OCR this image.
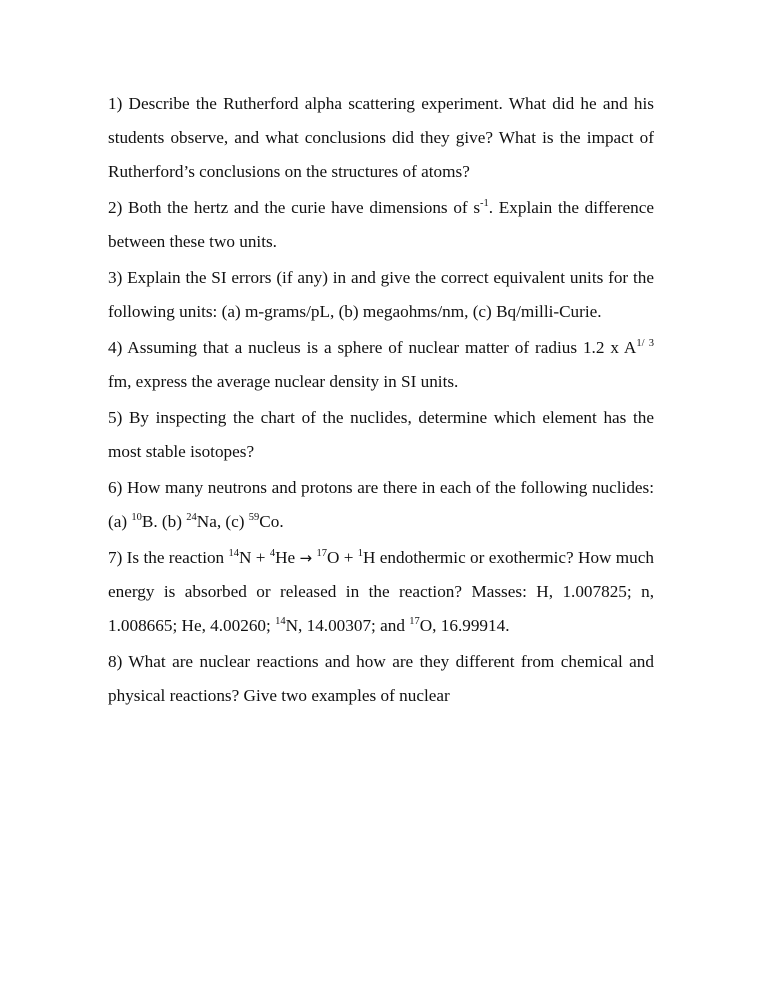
1) Describe the Rutherford alpha scattering experiment. What did he and his students observe, and what conclusions did they give? What is the impact of Rutherford’s conclusions on the structures of atoms?

2) Both the hertz and the curie have dimensions of $s^{-1}$. Explain the difference between these two units.

3) Explain the SI errors (if any) in and give the correct equivalent units for the following units: (a) m-grams/pL, (b) megaohms/nm, (c) Bq/milli-Curie.

4) Assuming that a nucleus is a sphere of nuclear matter of radius 1.2 x $A^{1/ 3}$ fm, express the average nuclear density in SI units.

5) By inspecting the chart of the nuclides, determine which element has the most stable isotopes?

6) How many neutrons and protons are there in each of the following nuclides: (a) $^{10}$B. (b) $^{24}$Na, (c) $^{59}$Co.

7) Is the reaction $^{14}$N + $^4$He → $^{17}$O + $^1$H endothermic or exothermic? How much energy is absorbed or released in the reaction? Masses: H, 1.007825; n, 1.008665; He, 4.00260; $^{14}$N, 14.00307; and $^{17}$O, 16.99914.

8) What are nuclear reactions and how are they different from chemical and physical reactions? Give two examples of nuclear
